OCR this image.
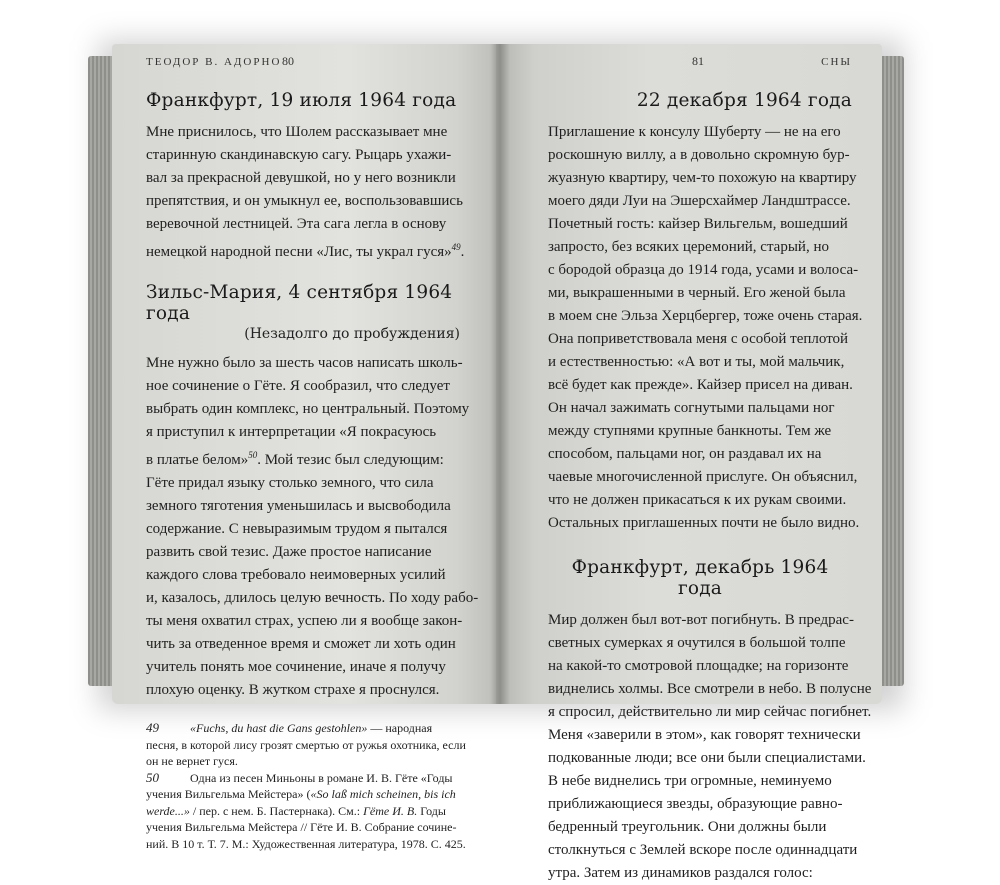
ТЕОДОР В. АДОРНО 80
Франкфурт, 19 июля 1964 года
Мне приснилось, что Шолем рассказывает мне
старинную скандинавскую сагу. Рыцарь ухажи-
вал за прекрасной девушкой, но у него возникли
препятствия, и он умыкнул ее, воспользовавшись
веревочной лестницей. Эта сага легла в основу
немецкой народной песни «Лис, ты украл гуся»$^{49}$.
Зильс-Мария, 4 сентября 1964 года
(Незадолго до пробуждения)
Мне нужно было за шесть часов написать школь-
ное сочинение о Гёте. Я сообразил, что следует
выбрать один комплекс, но центральный. Поэтому
я приступил к интерпретации «Я покрасуюсь
в платье белом»$^{50}$. Мой тезис был следующим:
Гёте придал языку столько земного, что сила
земного тяготения уменьшилась и высвободила
содержание. С невыразимым трудом я пытался
развить свой тезис. Даже простое написание
каждого слова требовало неимоверных усилий
и, казалось, длилось целую вечность. По ходу рабо-
ты меня охватил страх, успею ли я вообще закон-
чить за отведенное время и сможет ли хоть один
учитель понять мое сочинение, иначе я получу
плохую оценку. В жутком страхе я проснулся.
49	«Fuchs, du hast die Gans gestohlen» — народная
песня, в которой лису грозят смертью от ружья охотника, если
он не вернет гуся.
50	Одна из песен Миньоны в романе И. В. Гёте «Годы
учения Вильгельма Мейстера» («So laß mich scheinen, bis ich
werde...» / пер. с нем. Б. Пастернака). См.: Гёте И. В. Годы
учения Вильгельма Мейстера // Гёте И. В. Собрание сочине-
ний. В 10 т. Т. 7. М.: Художественная литература, 1978. С. 425.
81	СНЫ
22 декабря 1964 года
Приглашение к консулу Шуберту — не на его
роскошную виллу, а в довольно скромную бур-
жуазную квартиру, чем-то похожую на квартиру
моего дяди Луи на Эшерсхаймер Ландштрассе.
Почетный гость: кайзер Вильгельм, вошедший
запросто, без всяких церемоний, старый, но
с бородой образца до 1914 года, усами и волоса-
ми, выкрашенными в черный. Его женой была
в моем сне Эльза Херцбергер, тоже очень старая.
Она поприветствовала меня с особой теплотой
и естественностью: «А вот и ты, мой мальчик,
всё будет как прежде». Кайзер присел на диван.
Он начал зажимать согнутыми пальцами ног
между ступнями крупные банкноты. Тем же
способом, пальцами ног, он раздавал их на
чаевые многочисленной прислуге. Он объяснил,
что не должен прикасаться к их рукам своими.
Остальных приглашенных почти не было видно.
Франкфурт, декабрь 1964 года
Мир должен был вот-вот погибнуть. В предрас-
светных сумерках я очутился в большой толпе
на какой-то смотровой площадке; на горизонте
виднелись холмы. Все смотрели в небо. В полусне
я спросил, действительно ли мир сейчас погибнет.
Меня «заверили в этом», как говорят технически
подкованные люди; все они были специалистами.
В небе виднелись три огромные, неминуемо
приближающиеся звезды, образующие равно-
бедренный треугольник. Они должны были
столкнуться с Землей вскоре после одиннадцати
утра. Затем из динамиков раздался голос:
